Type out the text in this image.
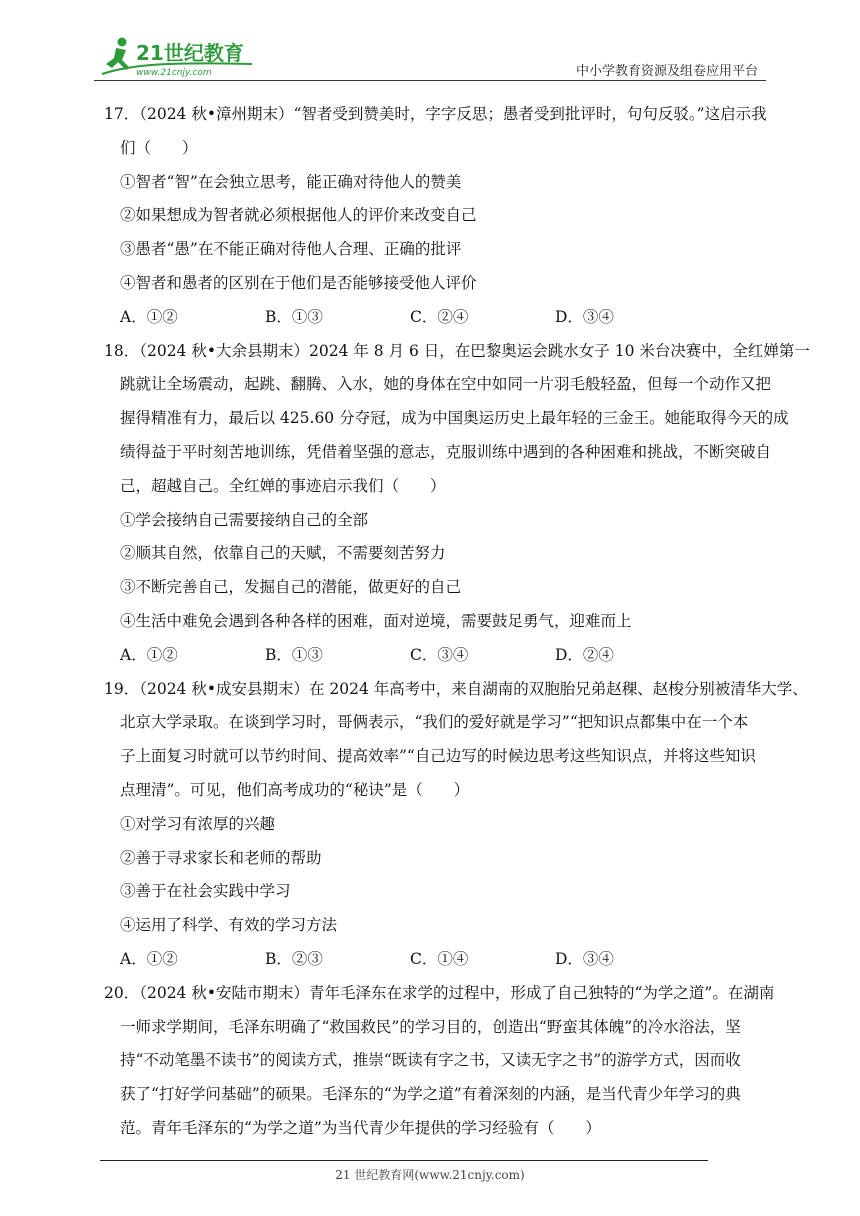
21世纪教育
www.21cnjy.com	中小学教育资源及组卷应用平台
17．（2024 秋•漳州期末）“智者受到赞美时，字字反思；愚者受到批评时，句句反驳。”这启示我
们（　　）
①智者“智”在会独立思考，能正确对待他人的赞美
②如果想成为智者就必须根据他人的评价来改变自己
③愚者“愚”在不能正确对待他人合理、正确的批评
④智者和愚者的区别在于他们是否能够接受他人评价
A．①②	B．①③	C．②④	D．③④
18．（2024 秋•大余县期末）2024 年 8 月 6 日，在巴黎奥运会跳水女子 10 米台决赛中，全红婵第一
跳就让全场震动，起跳、翻腾、入水，她的身体在空中如同一片羽毛般轻盈，但每一个动作又把
握得精准有力，最后以 425.60 分夺冠，成为中国奥运历史上最年轻的三金王。她能取得今天的成
绩得益于平时刻苦地训练，凭借着坚强的意志，克服训练中遇到的各种困难和挑战，不断突破自
己，超越自己。全红婵的事迹启示我们（　　）
①学会接纳自己需要接纳自己的全部
②顺其自然，依靠自己的天赋，不需要刻苦努力
③不断完善自己，发掘自己的潜能，做更好的自己
④生活中难免会遇到各种各样的困难，面对逆境，需要鼓足勇气，迎难而上
A．①②	B．①③	C．③④	D．②④
19．（2024 秋•成安县期末）在 2024 年高考中，来自湖南的双胞胎兄弟赵稞、赵梭分别被清华大学、
北京大学录取。在谈到学习时，哥俩表示，“我们的爱好就是学习”“把知识点都集中在一个本
子上面复习时就可以节约时间、提高效率”“自己边写的时候边思考这些知识点，并将这些知识
点理清”。可见，他们高考成功的“秘诀”是（　　）
①对学习有浓厚的兴趣
②善于寻求家长和老师的帮助
③善于在社会实践中学习
④运用了科学、有效的学习方法
A．①②	B．②③	C．①④	D．③④
20．（2024 秋•安陆市期末）青年毛泽东在求学的过程中，形成了自己独特的“为学之道”。在湖南
一师求学期间，毛泽东明确了“救国救民”的学习目的，创造出“野蛮其体魄”的冷水浴法，坚
持“不动笔墨不读书”的阅读方式，推崇“既读有字之书，又读无字之书”的游学方式，因而收
获了“打好学问基础”的硕果。毛泽东的“为学之道”有着深刻的内涵，是当代青少年学习的典
范。青年毛泽东的“为学之道”为当代青少年提供的学习经验有（　　）
21 世纪教育网(www.21cnjy.com)
